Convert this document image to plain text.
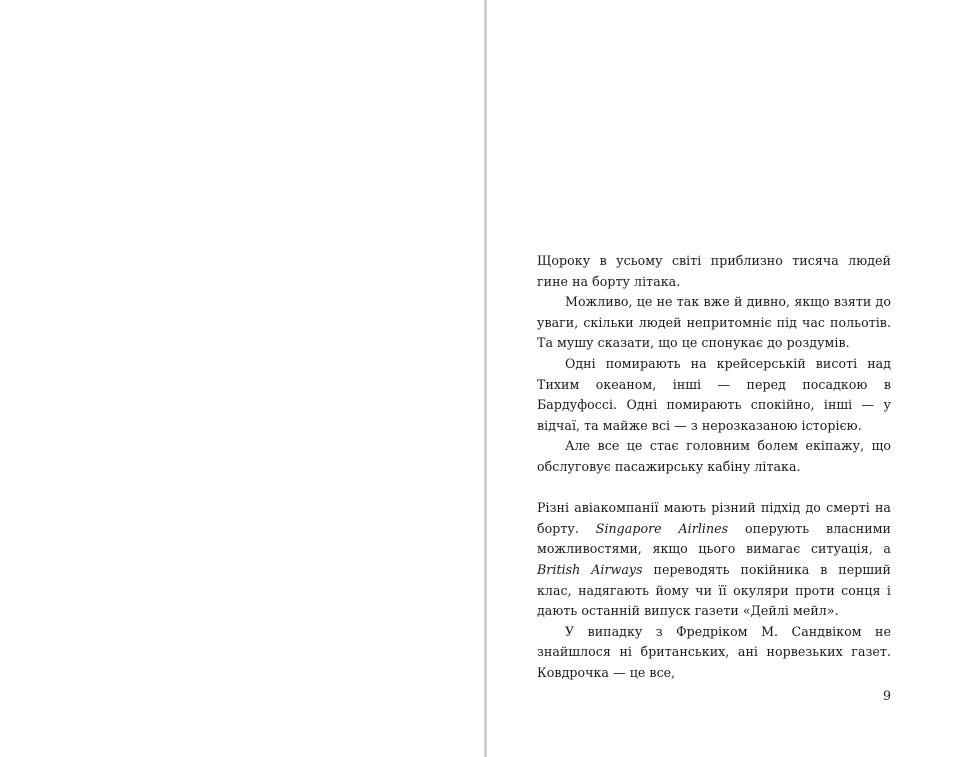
Щороку в усьому світі приблизно тисяча людей гине на борту літака.

Можливо, це не так вже й дивно, якщо взяти до уваги, скільки людей непритомніє під час польотів. Та мушу сказати, що це спонукає до роздумів.

Одні помирають на крейсерській висоті над Тихим океаном, інші — перед посадкою в Бардуфоссі. Одні помирають спокійно, інші — у відчаї, та майже всі — з нерозказаною історією.

Але все це стає головним болем екіпажу, що обслуговує пасажирську кабіну літака.

Різні авіакомпанії мають різний підхід до смерті на борту. Singapore Airlines оперують власними можливостями, якщо цього вимагає ситуація, а British Airways переводять покійника в перший клас, надягають йому чи її окуляри проти сонця і дають останній випуск газети «Дейлі мейл».

У випадку з Фредріком М. Сандвіком не знайшлося ні британських, ані норвезьких газет. Ковдрочка — це все,

9
